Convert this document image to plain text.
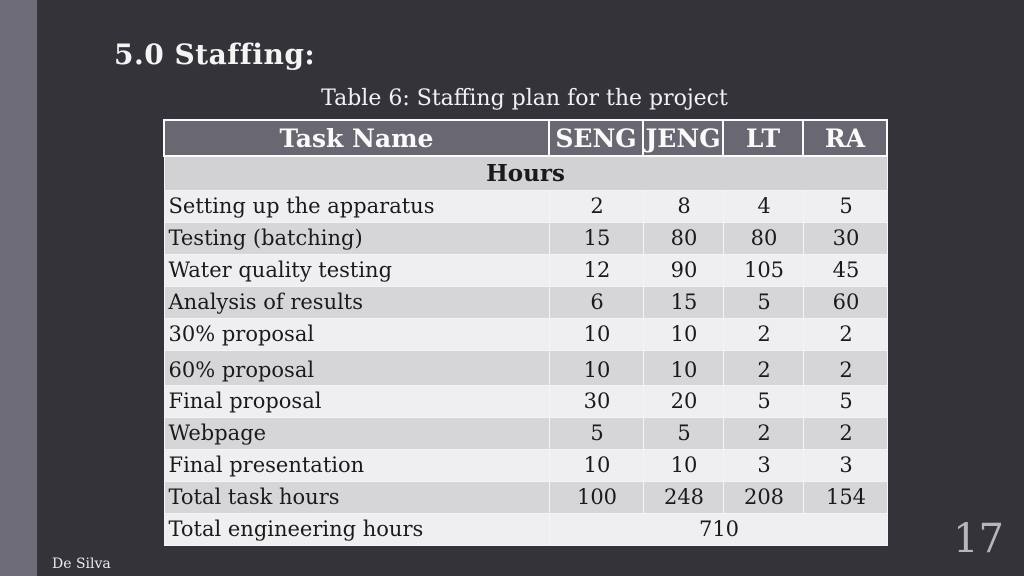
5.0 Staffing:
Table 6: Staffing plan for the project
Task Name	SENG	JENG	LT	RA
Hours				
Setting up the apparatus	2	8	4	5
Testing (batching)	15	80	80	30
Water quality testing	12	90	105	45
Analysis of results	6	15	5	60
30% proposal	10	10	2	2
60% proposal	10	10	2	2
Final proposal	30	20	5	5
Webpage	5	5	2	2
Final presentation	10	10	3	3
Total task hours	100	248	208	154
Total engineering hours	710			
De Silva
17
